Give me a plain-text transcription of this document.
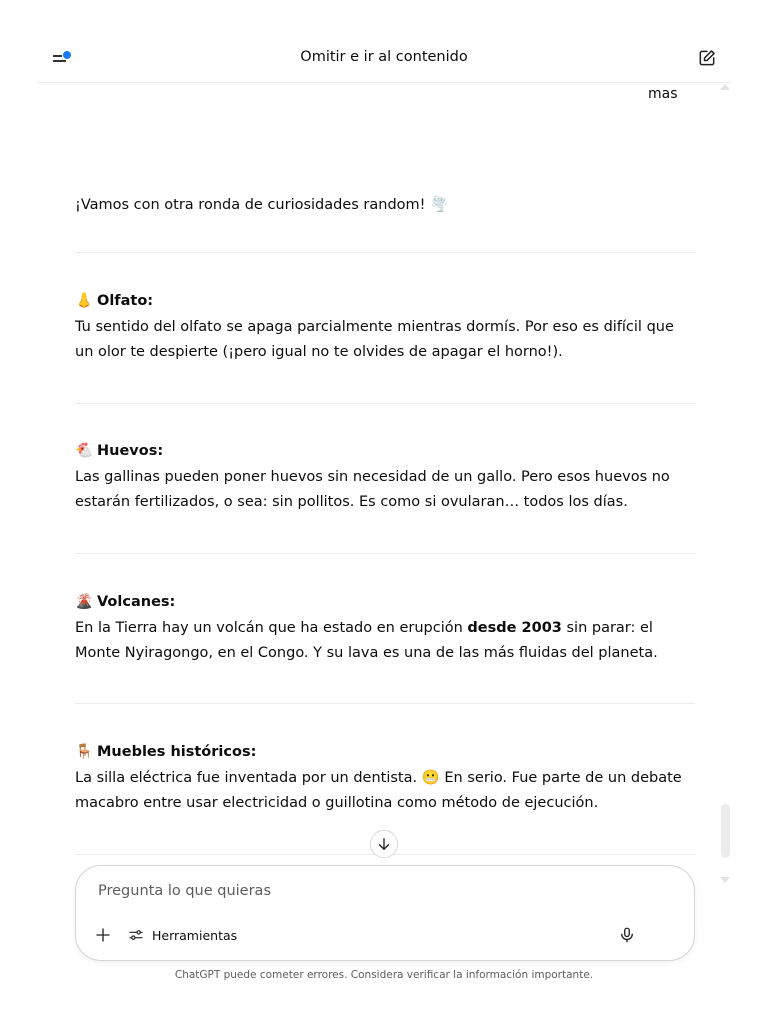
Omitir e ir al contenido
mas
¡Vamos con otra ronda de curiosidades random! 🌪️
👃 Olfato:
Tu sentido del olfato se apaga parcialmente mientras dormís. Por eso es difícil que un olor te despierte (¡pero igual no te olvides de apagar el horno!).
🐔 Huevos:
Las gallinas pueden poner huevos sin necesidad de un gallo. Pero esos huevos no estarán fertilizados, o sea: sin pollitos. Es como si ovularan… todos los días.
🌋 Volcanes:
En la Tierra hay un volcán que ha estado en erupción desde 2003 sin parar: el Monte Nyiragongo, en el Congo. Y su lava es una de las más fluidas del planeta.
🪑 Muebles históricos:
La silla eléctrica fue inventada por un dentista. 😬 En serio. Fue parte de un debate macabro entre usar electricidad o guillotina como método de ejecución.
Pregunta lo que quieras
Herramientas
ChatGPT puede cometer errores. Considera verificar la información importante.
